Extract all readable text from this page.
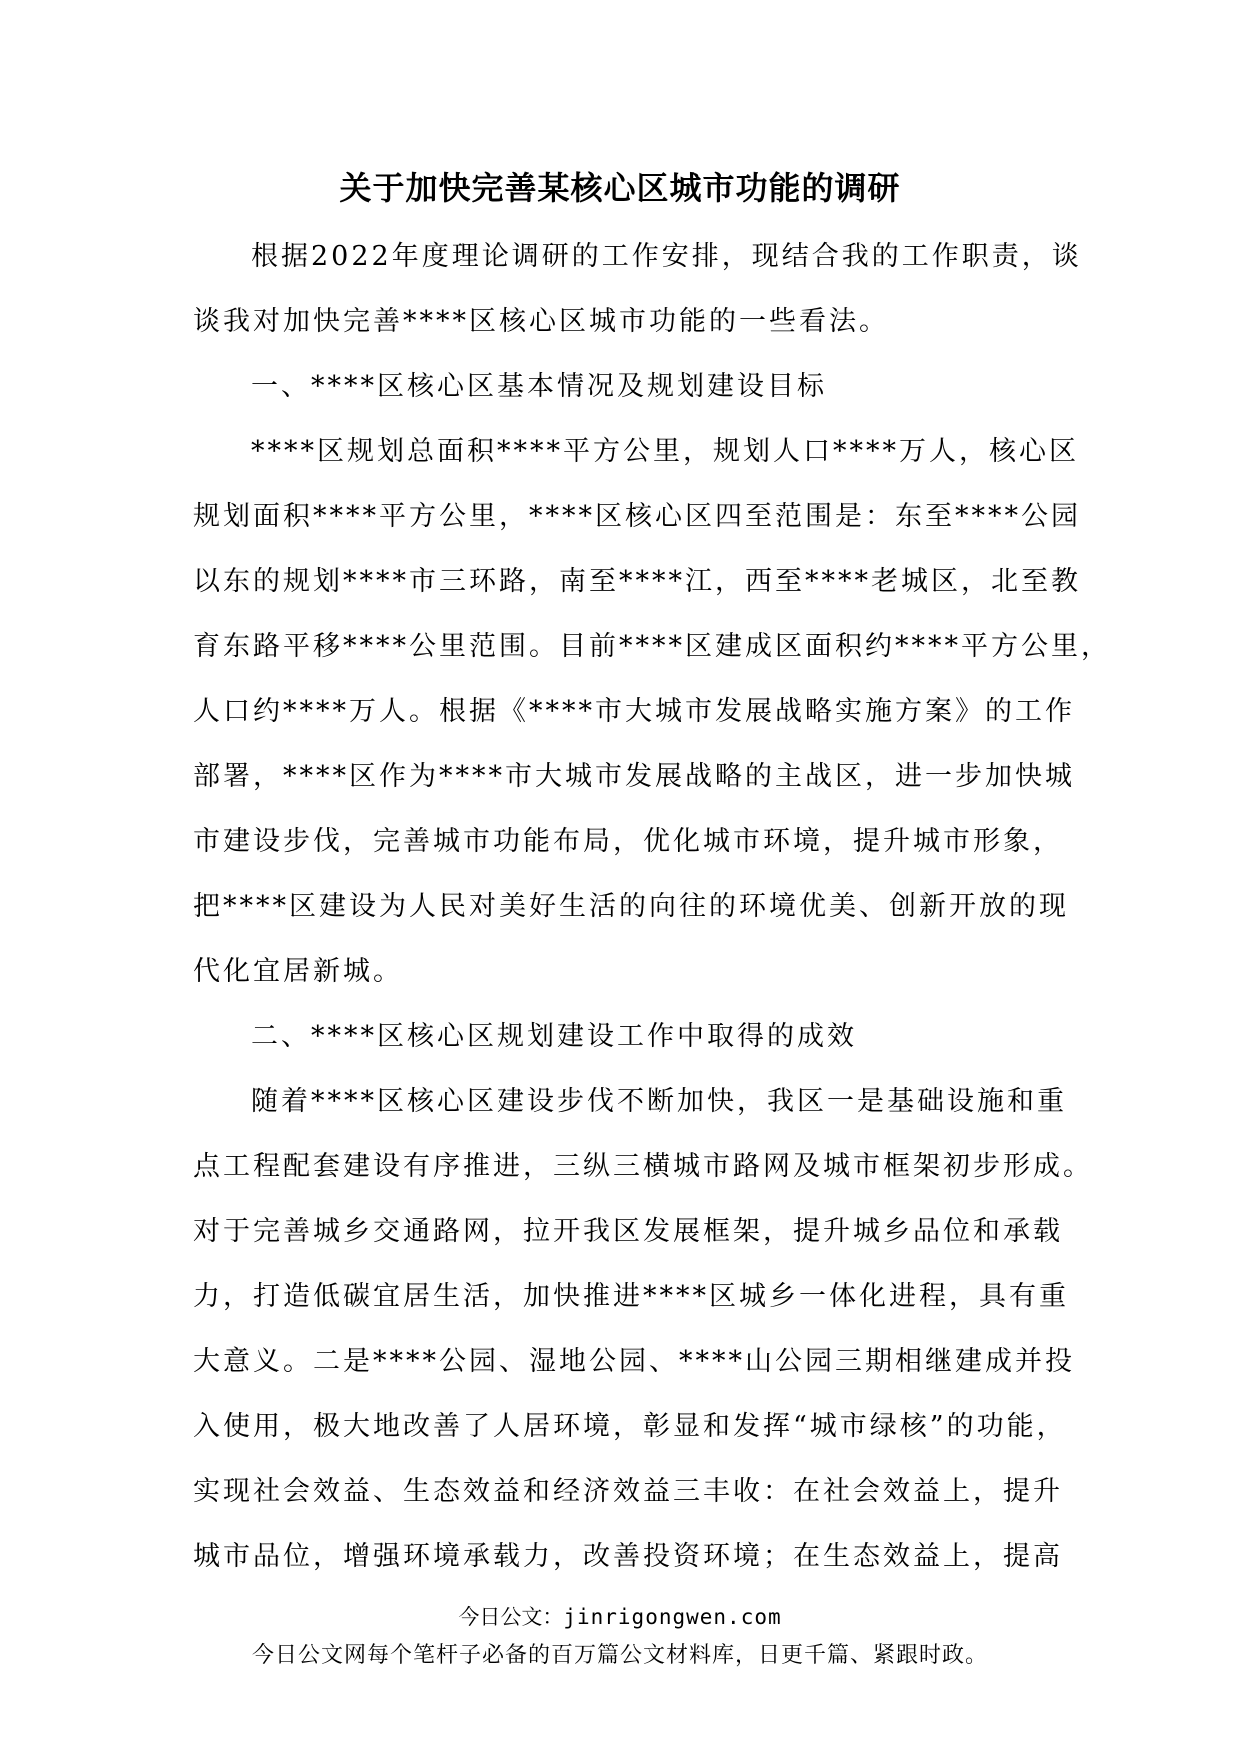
关于加快完善某核心区城市功能的调研
根据2022年度理论调研的工作安排，现结合我的工作职责，谈
谈我对加快完善****区核心区城市功能的一些看法。
一、****区核心区基本情况及规划建设目标
****区规划总面积****平方公里，规划人口****万人，核心区
规划面积****平方公里，****区核心区四至范围是：东至****公园
以东的规划****市三环路，南至****江，西至****老城区，北至教
育东路平移****公里范围。目前****区建成区面积约****平方公里，
人口约****万人。根据《****市大城市发展战略实施方案》的工作
部署，****区作为****市大城市发展战略的主战区，进一步加快城
市建设步伐，完善城市功能布局，优化城市环境，提升城市形象，
把****区建设为人民对美好生活的向往的环境优美、创新开放的现
代化宜居新城。
二、****区核心区规划建设工作中取得的成效
随着****区核心区建设步伐不断加快，我区一是基础设施和重
点工程配套建设有序推进，三纵三横城市路网及城市框架初步形成。
对于完善城乡交通路网，拉开我区发展框架，提升城乡品位和承载
力，打造低碳宜居生活，加快推进****区城乡一体化进程，具有重
大意义。二是****公园、湿地公园、****山公园三期相继建成并投
入使用，极大地改善了人居环境，彰显和发挥“城市绿核”的功能，
实现社会效益、生态效益和经济效益三丰收：在社会效益上，提升
城市品位，增强环境承载力，改善投资环境；在生态效益上，提高
今日公文：jinrigongwen.com
今日公文网每个笔杆子必备的百万篇公文材料库，日更千篇、紧跟时政。
